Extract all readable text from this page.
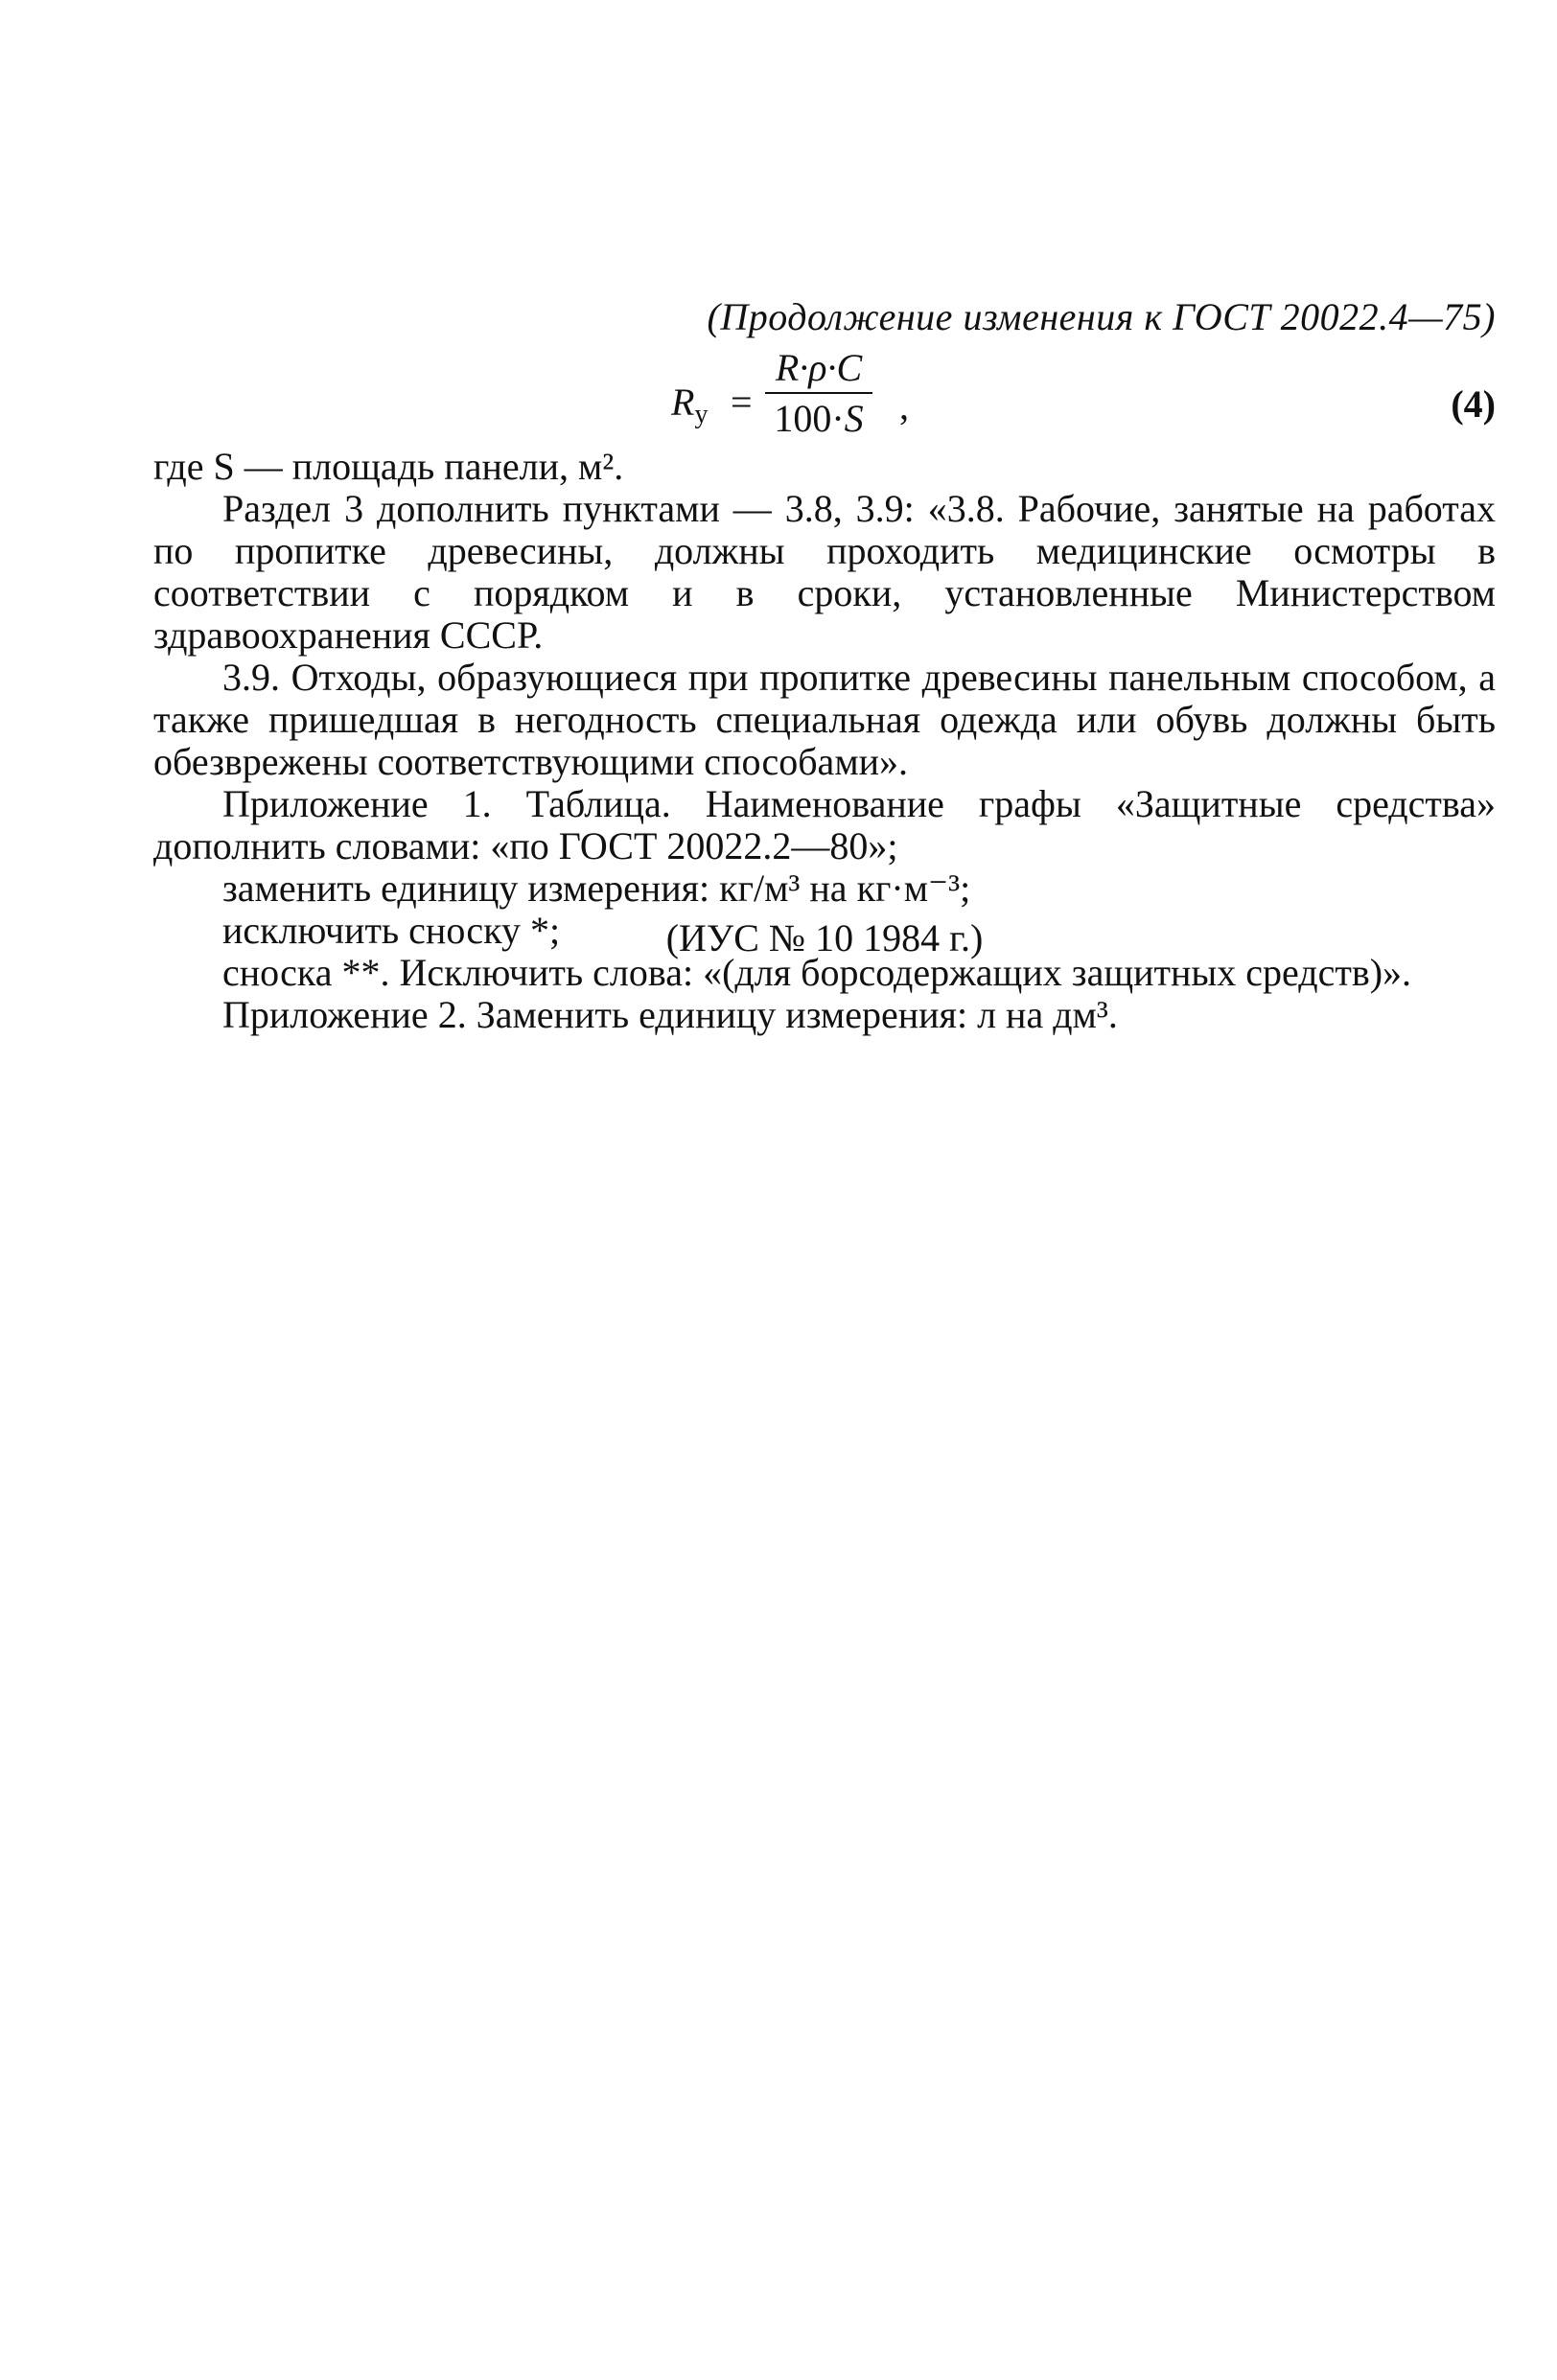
(Продолжение изменения к ГОСТ 20022.4—75)
$R_у$ =
R·ρ·C
100·S ,	(4)

где S — площадь панели, м².

Раздел 3 дополнить пунктами — 3.8, 3.9: «3.8. Рабочие, занятые на работах по пропитке древесины, должны проходить медицинские осмотры в соответствии с порядком и в сроки, установленные Министерством здравоохранения СССР.

3.9. Отходы, образующиеся при пропитке древесины панельным способом, а также пришедшая в негодность специальная одежда или обувь должны быть обезврежены соответствующими способами».

Приложение 1. Таблица. Наименование графы «Защитные средства» дополнить словами: «по ГОСТ 20022.2—80»;

заменить единицу измерения: кг/м³ на кг·м⁻³;

исключить сноску *;

сноска **. Исключить слова: «(для борсодержащих защитных средств)».

Приложение 2. Заменить единицу измерения: л на дм³.

(ИУС № 10 1984 г.)
